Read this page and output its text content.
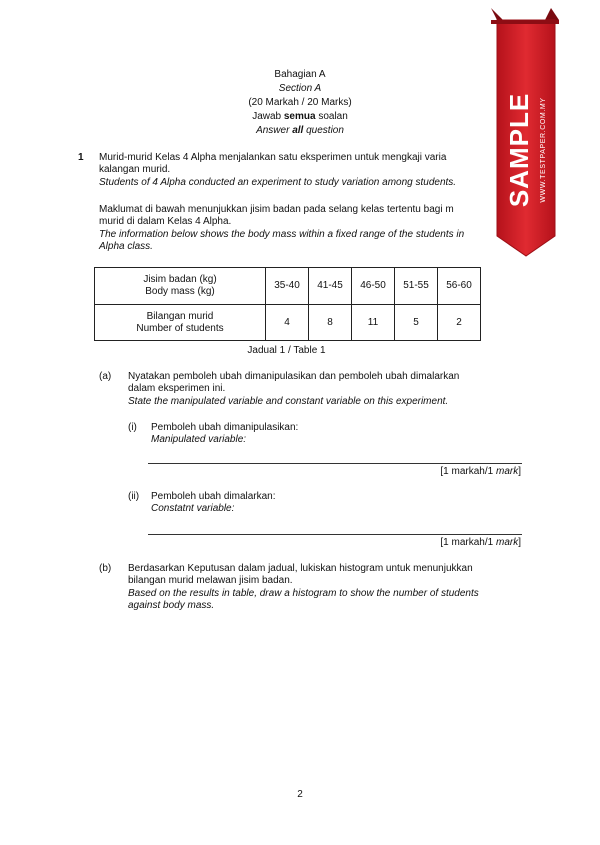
Bahagian A
Section A
(20 Markah / 20 Marks)
Jawab semua soalan
Answer all question
1 Murid-murid Kelas 4 Alpha menjalankan satu eksperimen untuk mengkaji varia
kalangan murid.
Students of 4 Alpha conducted an experiment to study variation among students.
Maklumat di bawah menunjukkan jisim badan pada selang kelas tertentu bagi m
murid di dalam Kelas 4 Alpha.
The information below shows the body mass within a fixed range of the students in
Alpha class.
Jisim badan (kg)
Body mass (kg)	35-40	41-45	46-50	51-55	56-60

Bilangan murid
Number of students	4	8	11	5	2
Jadual 1 / Table 1
(a) Nyatakan pemboleh ubah dimanipulasikan dan pemboleh ubah dimalarkan
dalam eksperimen ini.
State the manipulated variable and constant variable on this experiment.
(i) Pemboleh ubah dimanipulasikan:
Manipulated variable:
[1 markah/1 mark]
(ii) Pemboleh ubah dimalarkan:
Constatnt variable:
[1 markah/1 mark]
(b) Berdasarkan Keputusan dalam jadual, lukiskan histogram untuk menunjukkan
bilangan murid melawan jisim badan.
Based on the results in table, draw a histogram to show the number of students
against body mass.
2
SAMPLE WWW.TESTPAPER.COM.MY
